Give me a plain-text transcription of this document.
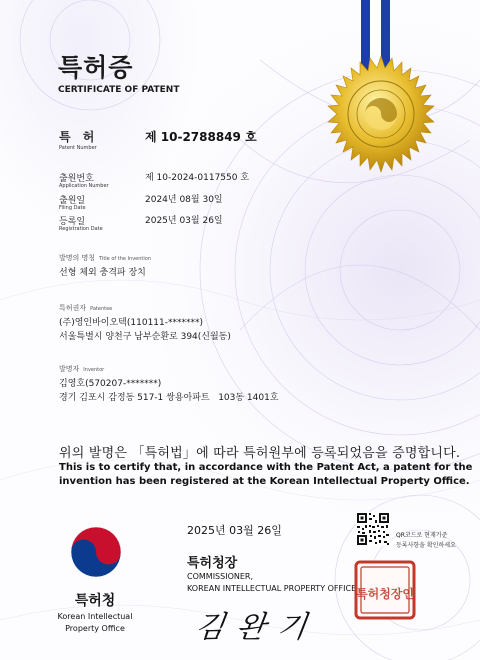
특허증
CERTIFICATE OF PATENT
특 허
Patent Number
제 10-2788849 호
출원번호
Application Number
제 10-2024-0117550 호
출원일
Filing Date
2024년 08월 30일
등록일
Registration Date
2025년 03월 26일
발명의 명칭 Title of the Invention
선형 체외 충격파 장치
특허권자 Patentee
(주)영인바이오텍(110111-*******)
서울특별시 양천구 남부순환로 394(신월동)
발명자 Inventor
김영호(570207-*******)
경기 김포시 감정동 517-1 쌍용아파트   103동 1401호
위의 발명은 「특허법」에 따라 특허원부에 등록되었음을 증명합니다.
This is to certify that, in accordance with the Patent Act, a patent for the
invention has been registered at the Korean Intellectual Property Office.
특허청
Korean Intellectual
Property Office
2025년 03월 26일
특허청장
COMMISSIONER,
KOREAN INTELLECTUAL PROPERTY OFFICE
김완기
QR코드로 현재기준
등록사항을 확인하세요
특허청장인
